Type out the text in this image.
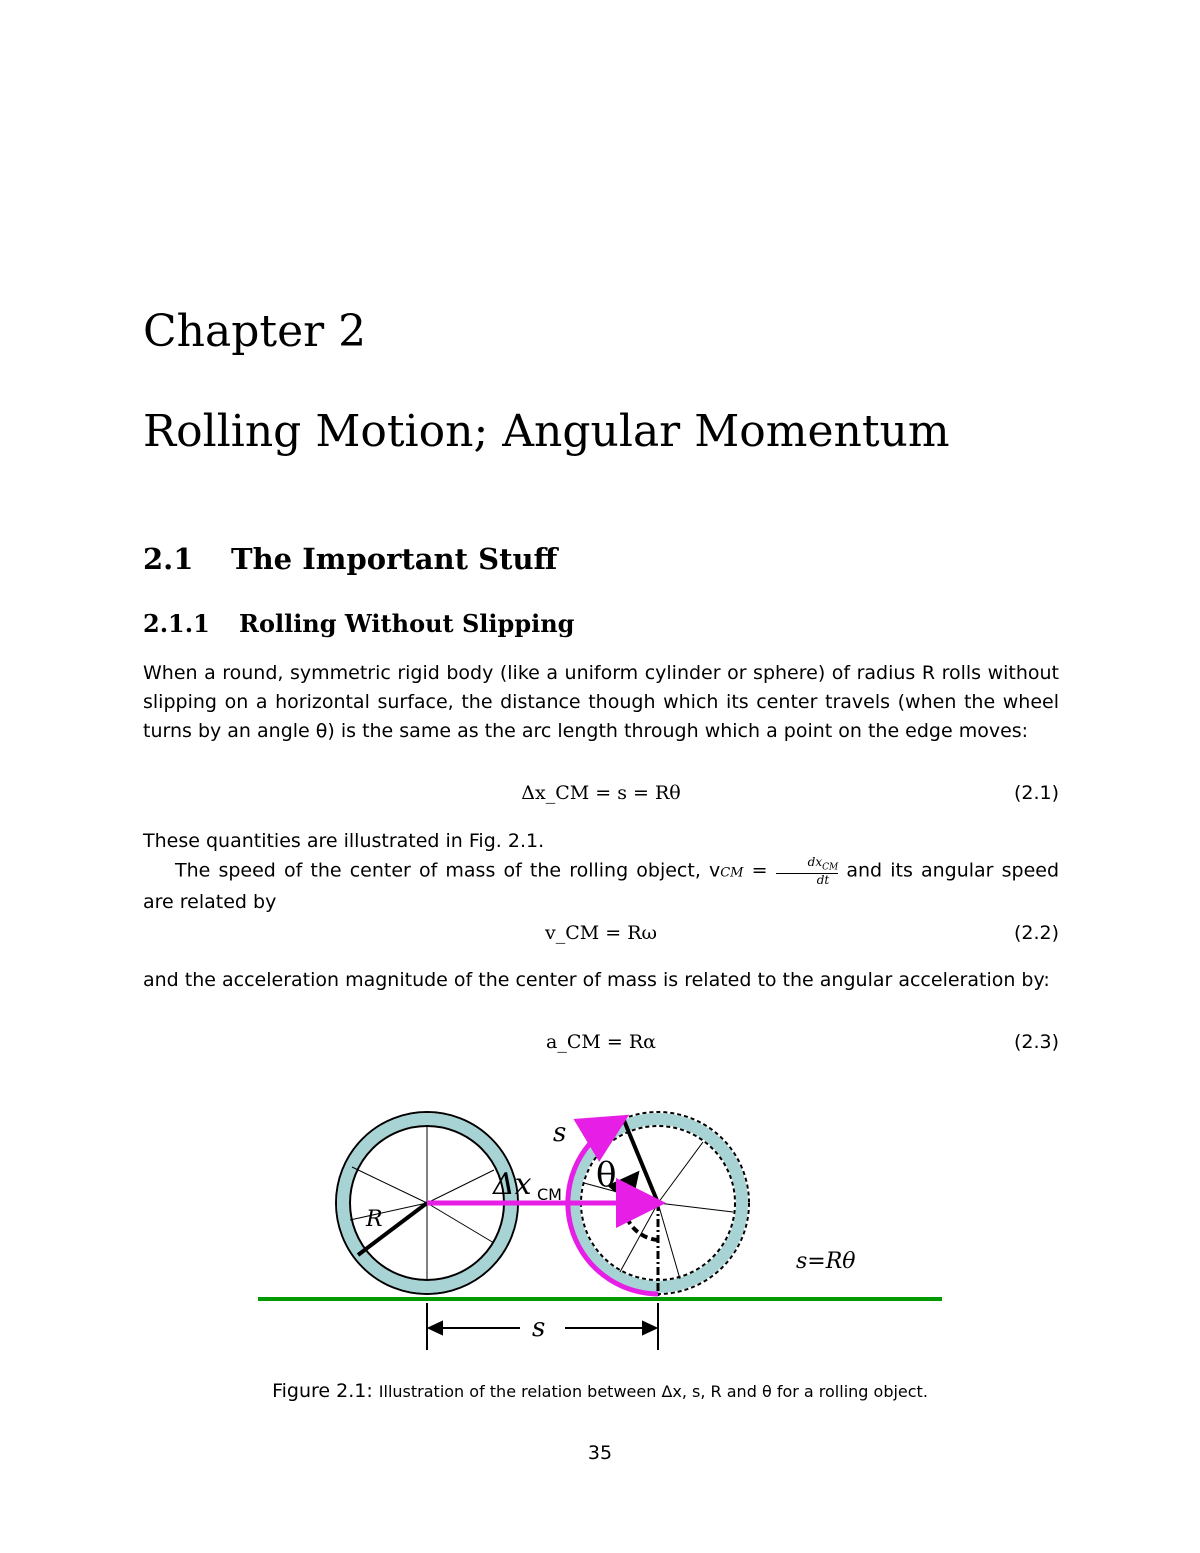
Chapter 2
Rolling Motion; Angular Momentum
2.1 The Important Stuff
2.1.1 Rolling Without Slipping
When a round, symmetric rigid body (like a uniform cylinder or sphere) of radius R rolls without slipping on a horizontal surface, the distance though which its center travels (when the wheel turns by an angle θ) is the same as the arc length through which a point on the edge moves:
Δx_CM = s = Rθ	(2.1)
These quantities are illustrated in Fig. 2.1.
The speed of the center of mass of the rolling object, vCM =	$dx_{CM}$
dt and its angular speed are related by
v_CM = Rω	(2.2)
and the acceleration magnitude of the center of mass is related to the angular acceleration by:
a_CM = Rα	(2.3)
s
θ
Δx CM
R
s=Rθ
s
Figure 2.1: Illustration of the relation between Δx, s, R and θ for a rolling object.
35
